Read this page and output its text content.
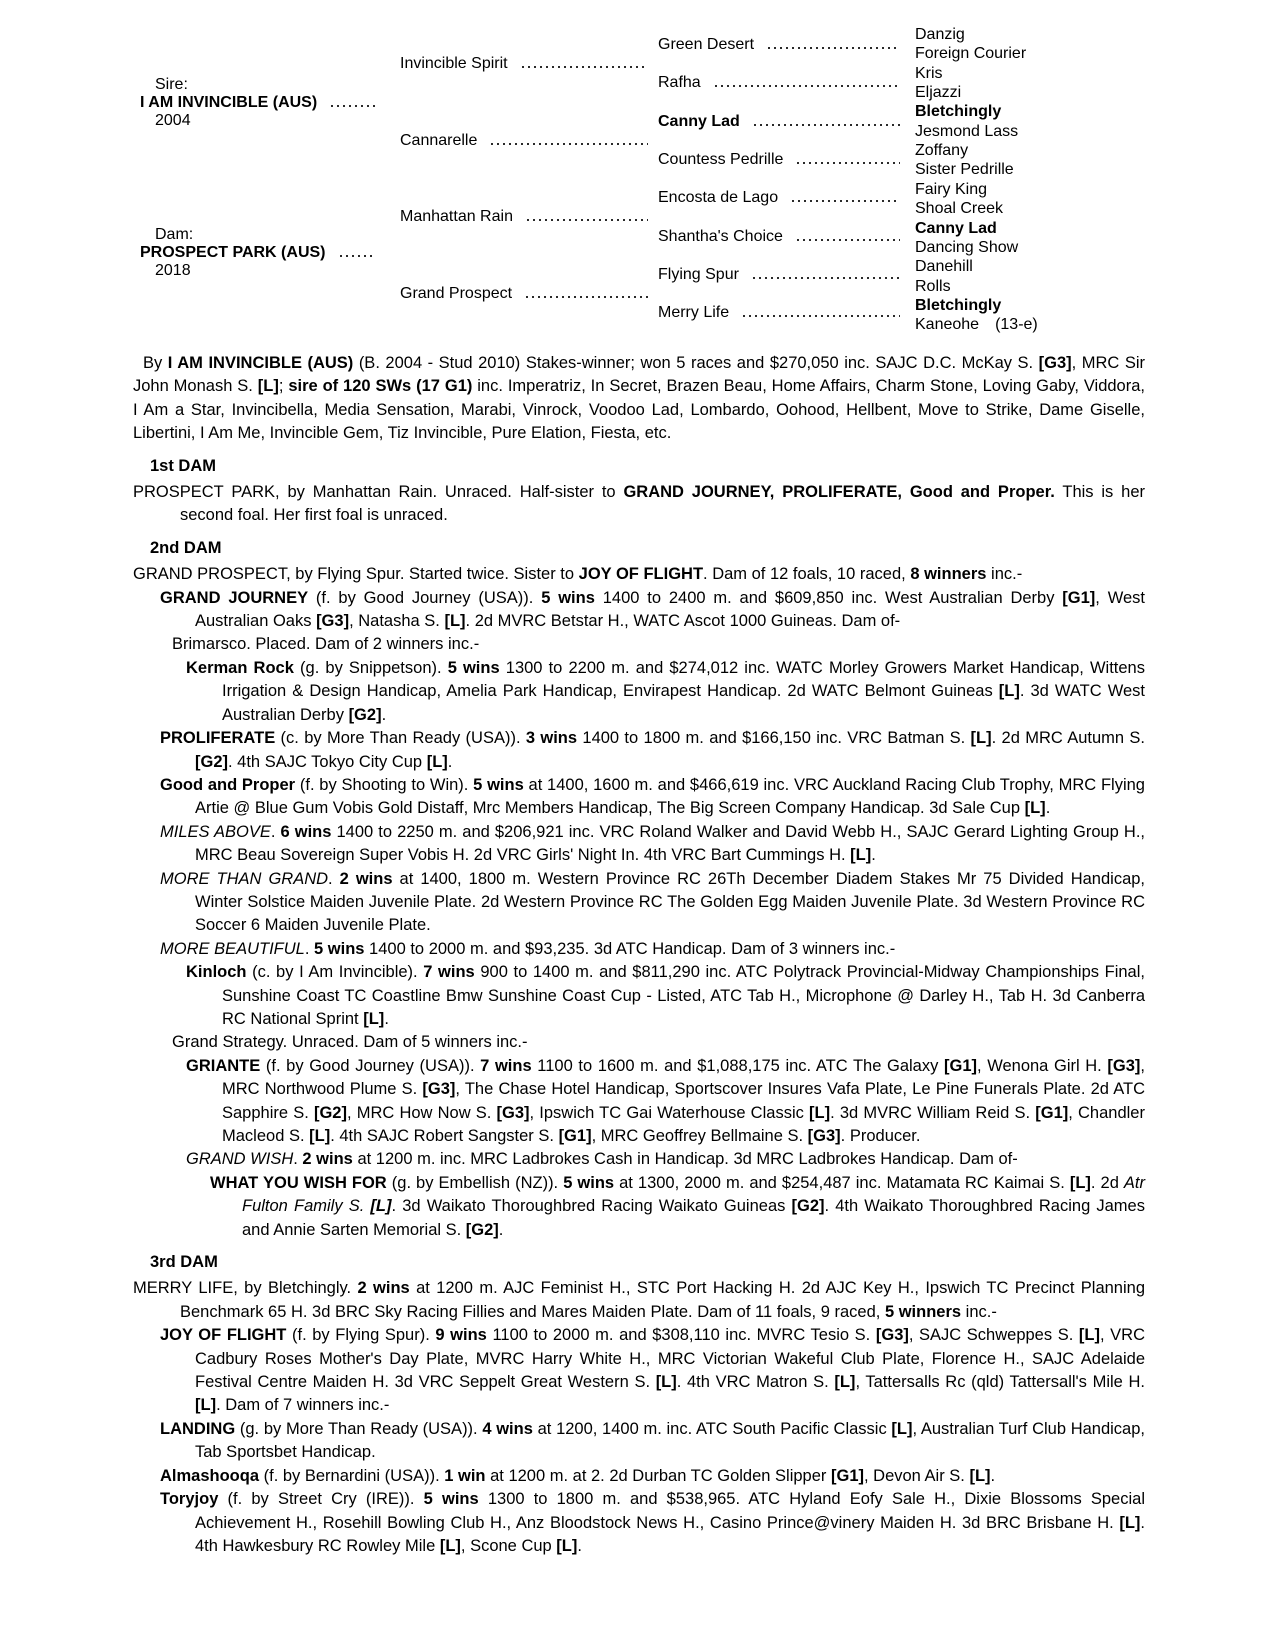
Sire:
I AM INVINCIBLE (AUS)
2004
Dam:
PROSPECT PARK (AUS)
2018
Invincible Spirit
Cannarelle
Manhattan Rain
Grand Prospect
Green Desert
Rafha
Canny Lad
Countess Pedrille
Encosta de Lago
Shantha's Choice
Flying Spur
Merry Life
Danzig
Foreign Courier
Kris
Eljazzi
Bletchingly
Jesmond Lass
Zoffany
Sister Pedrille
Fairy King
Shoal Creek
Canny Lad
Dancing Show
Danehill
Rolls
Bletchingly
Kaneohe (13-e)

By I AM INVINCIBLE (AUS) (B. 2004 - Stud 2010) Stakes-winner; won 5 races and $270,050 inc. SAJC D.C. McKay S. [G3], MRC Sir John Monash S. [L]; sire of 120 SWs (17 G1) inc. Imperatriz, In Secret, Brazen Beau, Home Affairs, Charm Stone, Loving Gaby, Viddora, I Am a Star, Invincibella, Media Sensation, Marabi, Vinrock, Voodoo Lad, Lombardo, Oohood, Hellbent, Move to Strike, Dame Giselle, Libertini, I Am Me, Invincible Gem, Tiz Invincible, Pure Elation, Fiesta, etc.

1st DAM

PROSPECT PARK, by Manhattan Rain. Unraced. Half-sister to GRAND JOURNEY, PROLIFERATE, Good and Proper. This is her second foal. Her first foal is unraced.

2nd DAM

GRAND PROSPECT, by Flying Spur. Started twice. Sister to JOY OF FLIGHT. Dam of 12 foals, 10 raced, 8 winners inc.-

GRAND JOURNEY (f. by Good Journey (USA)). 5 wins 1400 to 2400 m. and $609,850 inc. West Australian Derby [G1], West Australian Oaks [G3], Natasha S. [L]. 2d MVRC Betstar H., WATC Ascot 1000 Guineas. Dam of-

Brimarsco. Placed. Dam of 2 winners inc.-

Kerman Rock (g. by Snippetson). 5 wins 1300 to 2200 m. and $274,012 inc. WATC Morley Growers Market Handicap, Wittens Irrigation & Design Handicap, Amelia Park Handicap, Envirapest Handicap. 2d WATC Belmont Guineas [L]. 3d WATC West Australian Derby [G2].

PROLIFERATE (c. by More Than Ready (USA)). 3 wins 1400 to 1800 m. and $166,150 inc. VRC Batman S. [L]. 2d MRC Autumn S. [G2]. 4th SAJC Tokyo City Cup [L].

Good and Proper (f. by Shooting to Win). 5 wins at 1400, 1600 m. and $466,619 inc. VRC Auckland Racing Club Trophy, MRC Flying Artie @ Blue Gum Vobis Gold Distaff, Mrc Members Handicap, The Big Screen Company Handicap. 3d Sale Cup [L].

MILES ABOVE. 6 wins 1400 to 2250 m. and $206,921 inc. VRC Roland Walker and David Webb H., SAJC Gerard Lighting Group H., MRC Beau Sovereign Super Vobis H. 2d VRC Girls' Night In. 4th VRC Bart Cummings H. [L].

MORE THAN GRAND. 2 wins at 1400, 1800 m. Western Province RC 26Th December Diadem Stakes Mr 75 Divided Handicap, Winter Solstice Maiden Juvenile Plate. 2d Western Province RC The Golden Egg Maiden Juvenile Plate. 3d Western Province RC Soccer 6 Maiden Juvenile Plate.

MORE BEAUTIFUL. 5 wins 1400 to 2000 m. and $93,235. 3d ATC Handicap. Dam of 3 winners inc.-

Kinloch (c. by I Am Invincible). 7 wins 900 to 1400 m. and $811,290 inc. ATC Polytrack Provincial-Midway Championships Final, Sunshine Coast TC Coastline Bmw Sunshine Coast Cup - Listed, ATC Tab H., Microphone @ Darley H., Tab H. 3d Canberra RC National Sprint [L].

Grand Strategy. Unraced. Dam of 5 winners inc.-

GRIANTE (f. by Good Journey (USA)). 7 wins 1100 to 1600 m. and $1,088,175 inc. ATC The Galaxy [G1], Wenona Girl H. [G3], MRC Northwood Plume S. [G3], The Chase Hotel Handicap, Sportscover Insures Vafa Plate, Le Pine Funerals Plate. 2d ATC Sapphire S. [G2], MRC How Now S. [G3], Ipswich TC Gai Waterhouse Classic [L]. 3d MVRC William Reid S. [G1], Chandler Macleod S. [L]. 4th SAJC Robert Sangster S. [G1], MRC Geoffrey Bellmaine S. [G3]. Producer.

GRAND WISH. 2 wins at 1200 m. inc. MRC Ladbrokes Cash in Handicap. 3d MRC Ladbrokes Handicap. Dam of-

WHAT YOU WISH FOR (g. by Embellish (NZ)). 5 wins at 1300, 2000 m. and $254,487 inc. Matamata RC Kaimai S. [L]. 2d Atr Fulton Family S. [L]. 3d Waikato Thoroughbred Racing Waikato Guineas [G2]. 4th Waikato Thoroughbred Racing James and Annie Sarten Memorial S. [G2].

3rd DAM

MERRY LIFE, by Bletchingly. 2 wins at 1200 m. AJC Feminist H., STC Port Hacking H. 2d AJC Key H., Ipswich TC Precinct Planning Benchmark 65 H. 3d BRC Sky Racing Fillies and Mares Maiden Plate. Dam of 11 foals, 9 raced, 5 winners inc.-

JOY OF FLIGHT (f. by Flying Spur). 9 wins 1100 to 2000 m. and $308,110 inc. MVRC Tesio S. [G3], SAJC Schweppes S. [L], VRC Cadbury Roses Mother's Day Plate, MVRC Harry White H., MRC Victorian Wakeful Club Plate, Florence H., SAJC Adelaide Festival Centre Maiden H. 3d VRC Seppelt Great Western S. [L]. 4th VRC Matron S. [L], Tattersalls Rc (qld) Tattersall's Mile H. [L]. Dam of 7 winners inc.-

LANDING (g. by More Than Ready (USA)). 4 wins at 1200, 1400 m. inc. ATC South Pacific Classic [L], Australian Turf Club Handicap, Tab Sportsbet Handicap.

Almashooqa (f. by Bernardini (USA)). 1 win at 1200 m. at 2. 2d Durban TC Golden Slipper [G1], Devon Air S. [L].

Toryjoy (f. by Street Cry (IRE)). 5 wins 1300 to 1800 m. and $538,965. ATC Hyland Eofy Sale H., Dixie Blossoms Special Achievement H., Rosehill Bowling Club H., Anz Bloodstock News H., Casino Prince@vinery Maiden H. 3d BRC Brisbane H. [L]. 4th Hawkesbury RC Rowley Mile [L], Scone Cup [L].
